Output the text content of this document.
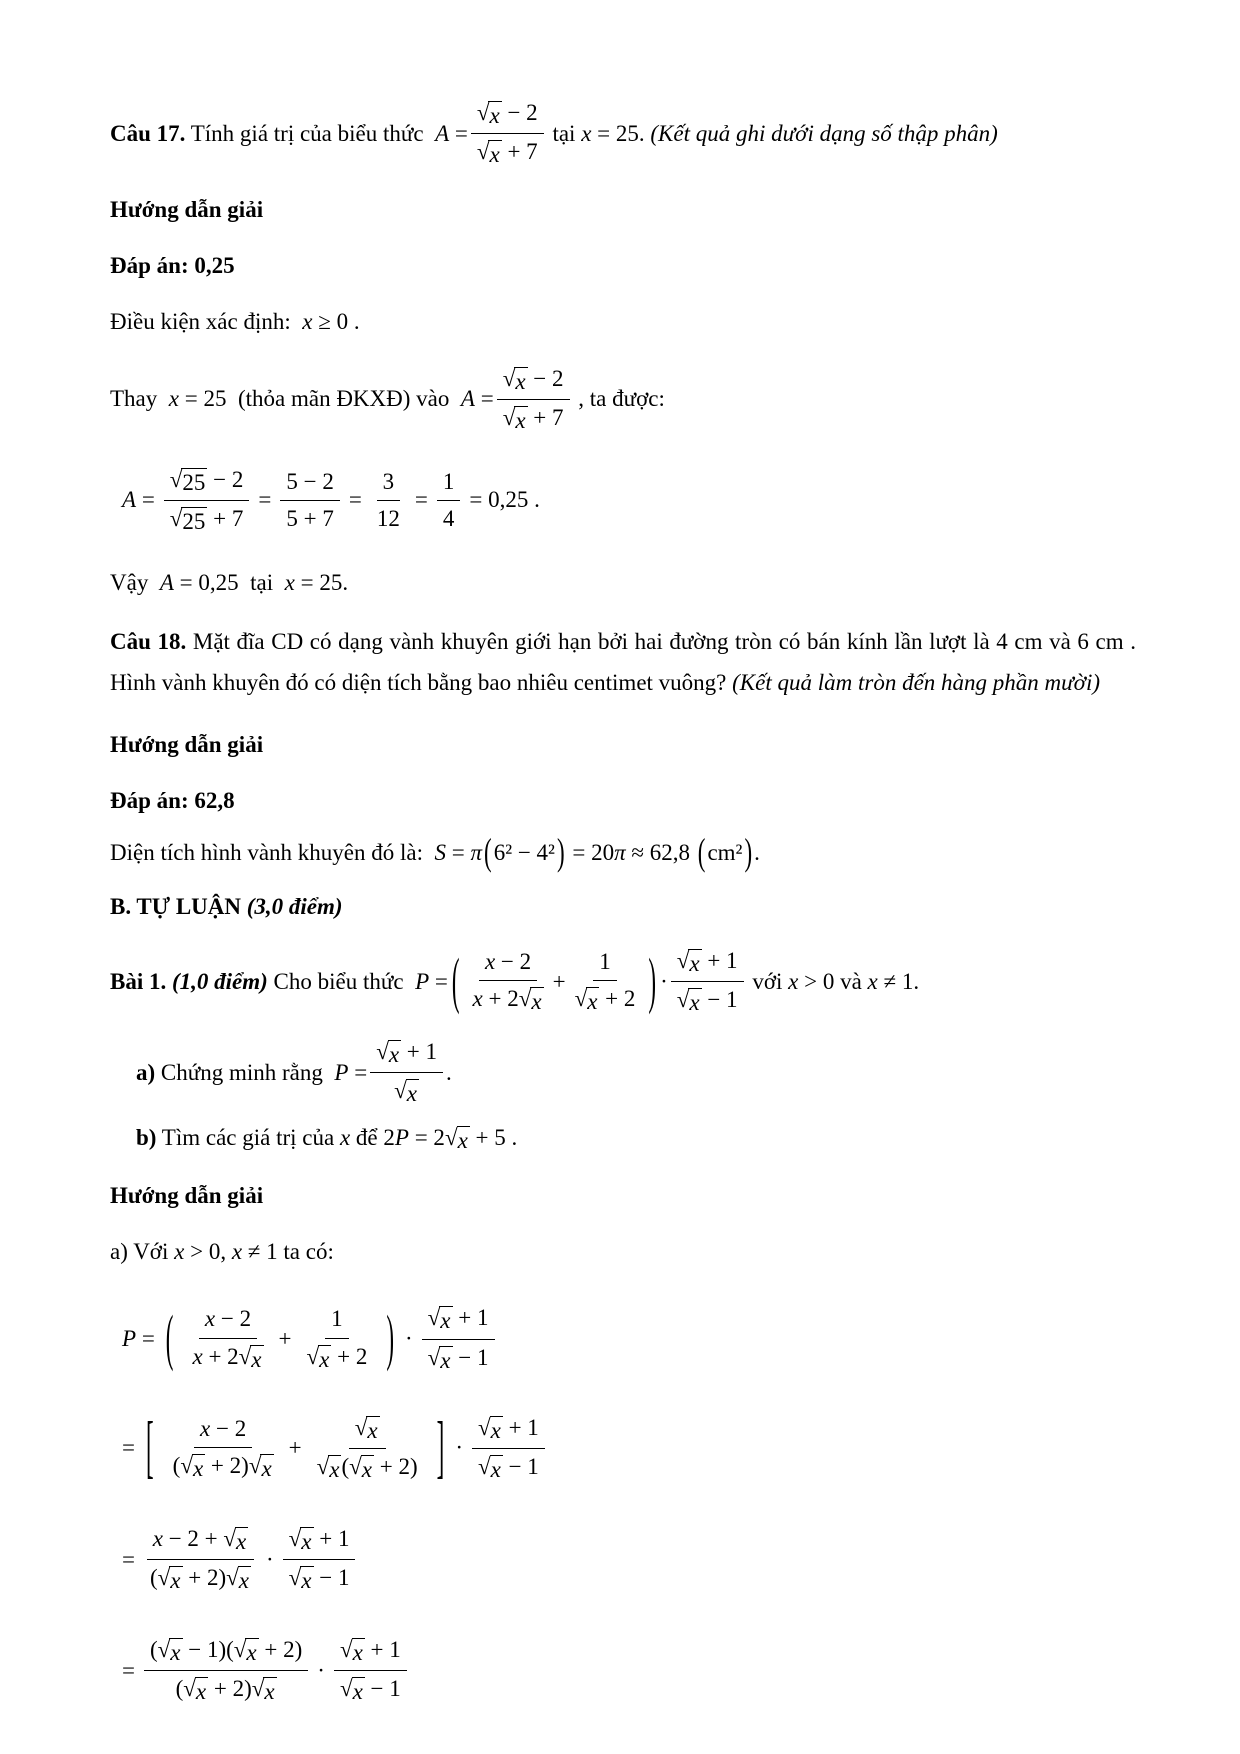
Câu 17. Tính giá trị của biểu thức $A = \frac{√ x - 2}{√ x + 7}$ tại x = 25. (Kết quả ghi dưới dạng số thập phân)

Hướng dẫn giải

Đáp án: 0,25

Điều kiện xác định:  x ≥ 0 .

Thay x = 25 (thỏa mãn ĐKXĐ) vào $A = \frac{√ x - 2}{√ x + 7}$ , ta được:
$A = \frac{√ 25 - 2}{√ 25 + 7} = \frac{5 - 2}{5 + 7} = \frac{3}{12} = \frac{1}{4} = 0,25$ .

Vậy  A = 0,25  tại  x = 25.

Câu 18. Mặt đĩa CD có dạng vành khuyên giới hạn bởi hai đường tròn có bán kính lần lượt là 4 cm và 6 cm . Hình vành khuyên đó có diện tích bằng bao nhiêu centimet vuông? (Kết quả làm tròn đến hàng phần mười)

Hướng dẫn giải

Đáp án: 62,8

Diện tích hình vành khuyên đó là: S = π ( 6² − 4² )
= 20π ≈ 62,8
( cm² ) .

B. TỰ LUẬN (3,0 điểm)

Bài 1. (1,0 điểm) Cho biểu thức P = ( $\frac{x - 2}{x + 2 √ x} + \frac{1}{√ x + 2}$ ) · $\frac{√ x + 1}{√ x - 1}$ với x > 0 và x ≠ 1.
a) Chứng minh rằng $P = \frac{√ x + 1}{√ x}$ .

b) Tìm các giá trị của x để 2P = 2 √ x + 5 .

Hướng dẫn giải

a) Với x > 0, x ≠ 1 ta có:

P = ( $\frac{x - 2}{x + 2 √ x} + \frac{1}{√ x + 2}$ ) · $\frac{√ x + 1}{√ x - 1}$
= [ $\frac{x - 2}{( √ x + 2) √ x} + \frac{√ x}{√ x ( √ x + 2)}$ ] · $\frac{√ x + 1}{√ x - 1}$
= $\frac{x - 2 + √ x}{( √ x + 2) √ x} \cdot \frac{√ x + 1}{√ x - 1}$
= $\frac{( √ x - 1)( √ x + 2)}{( √ x + 2) √ x} \cdot \frac{√ x + 1}{√ x - 1}$
